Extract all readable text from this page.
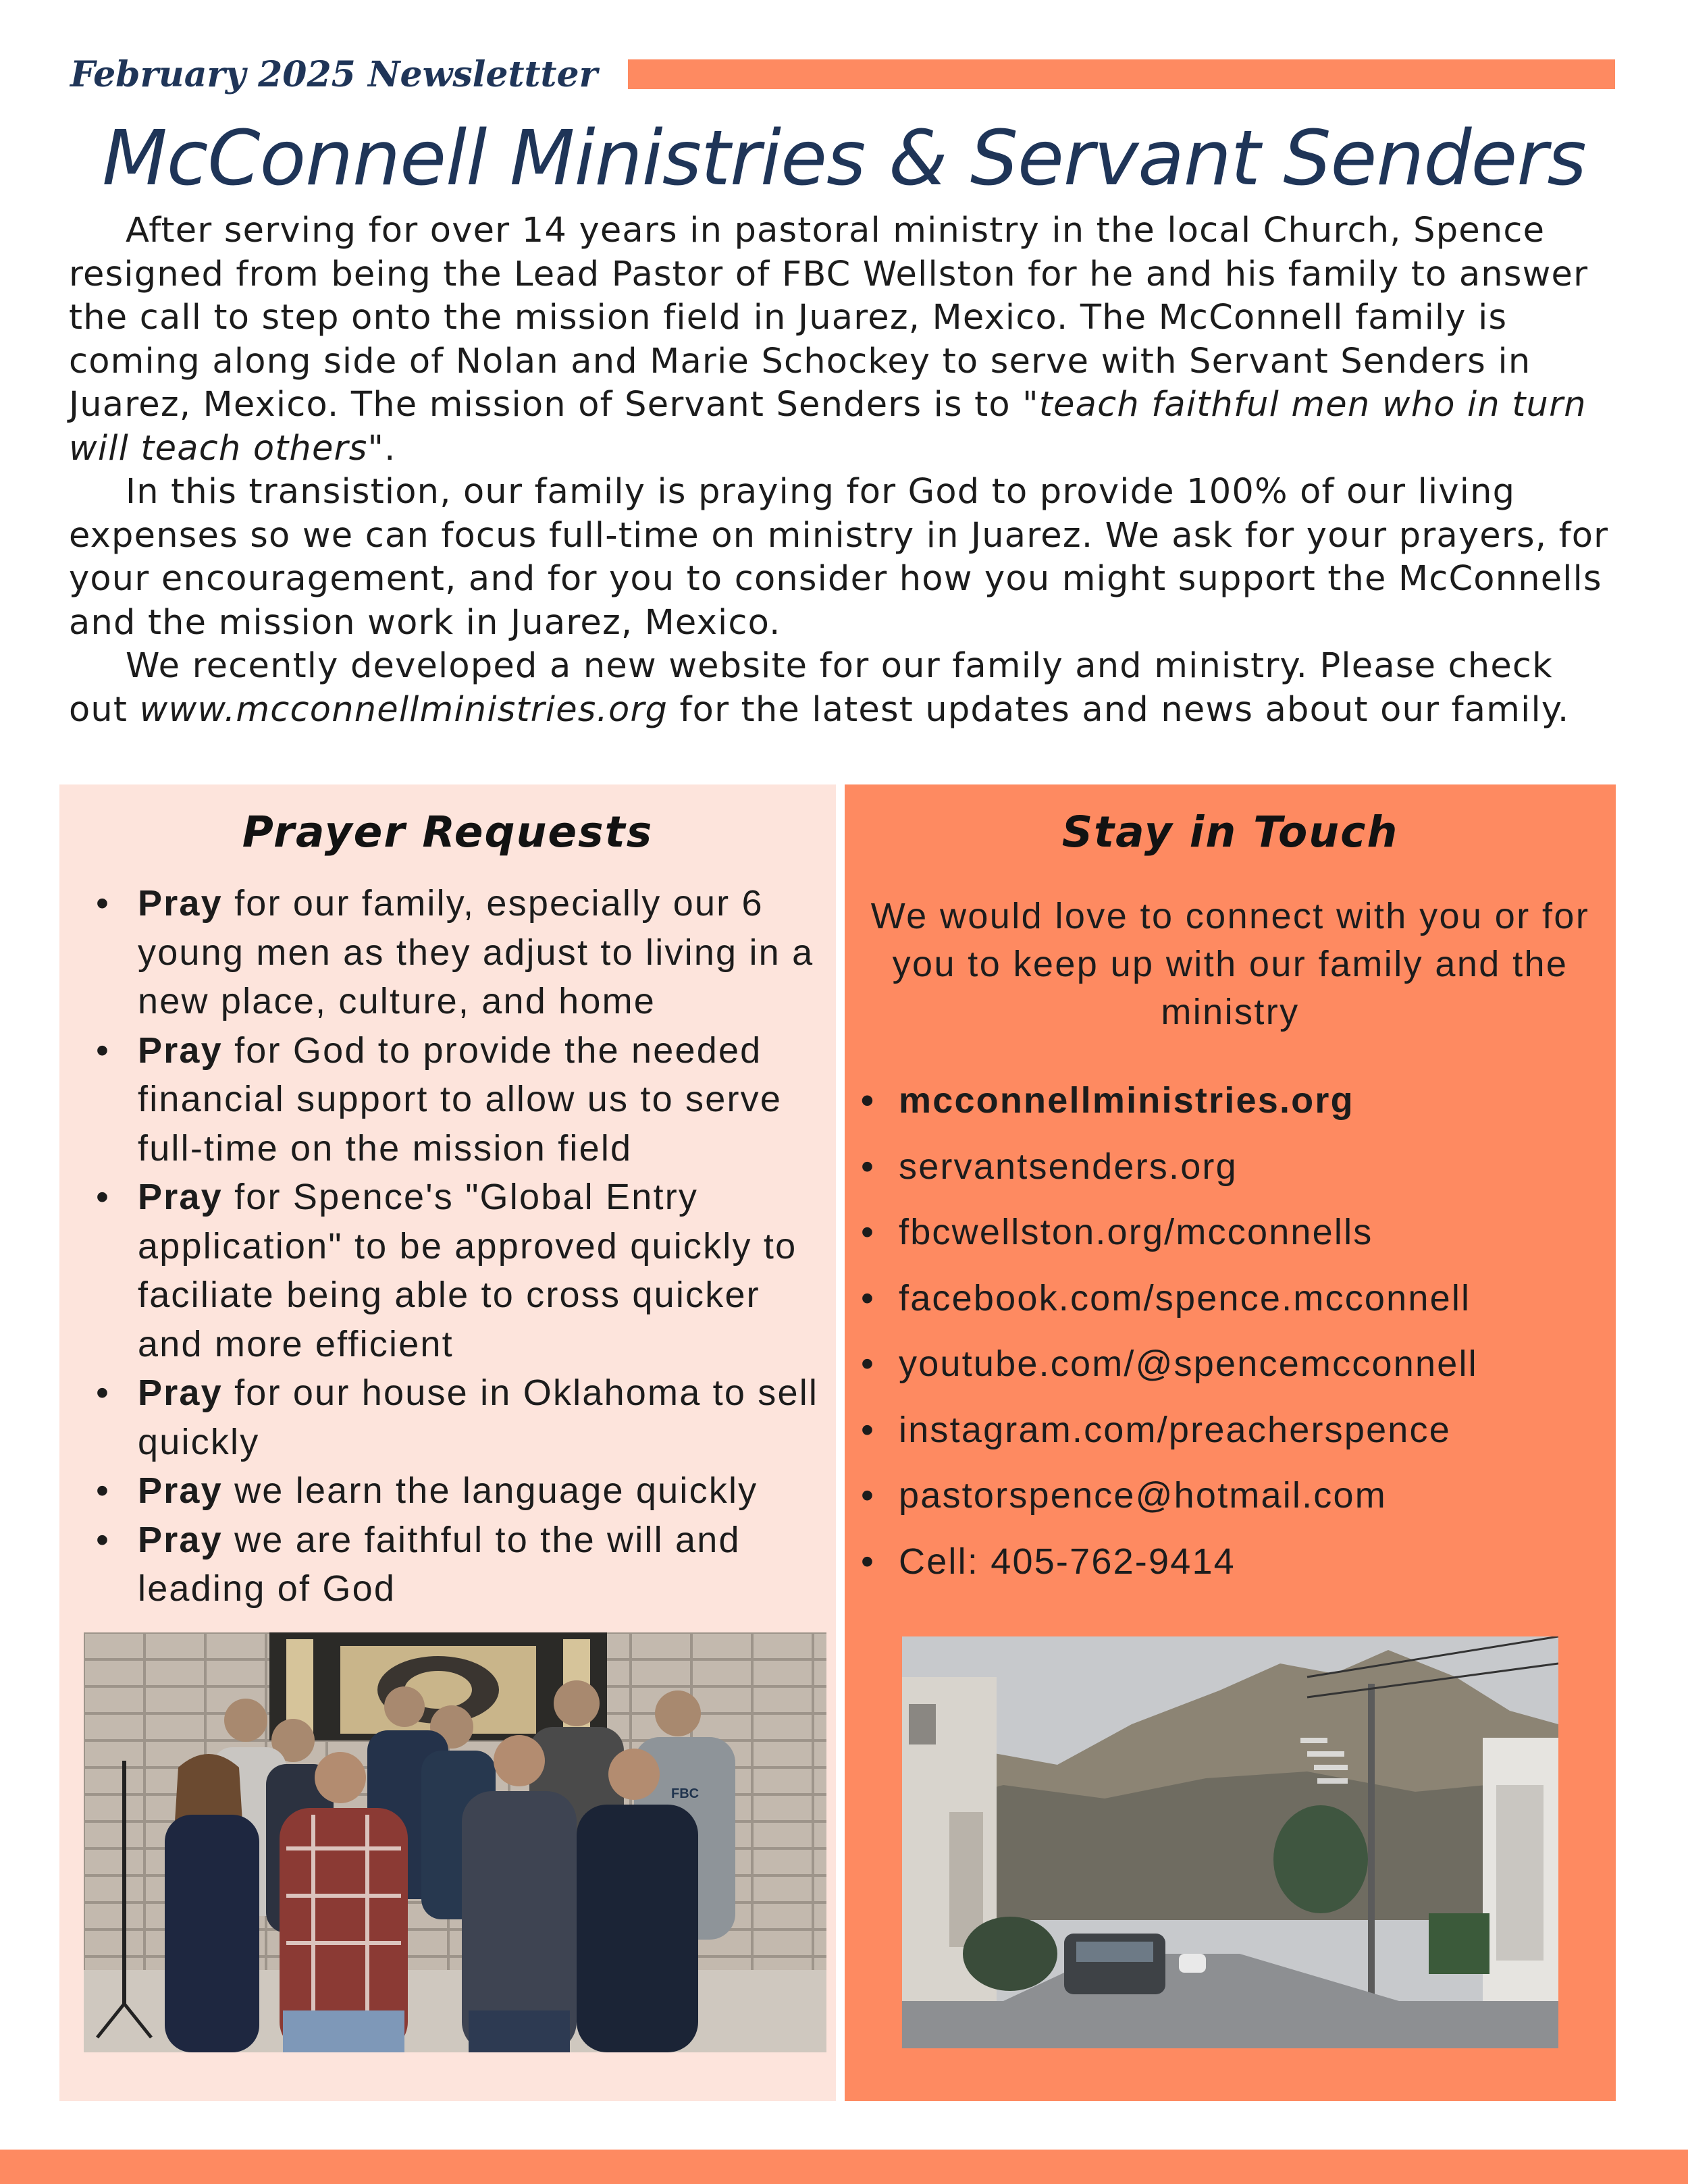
February 2025 Newslettter
McConnell Ministries & Servant Senders

After serving for over 14 years in pastoral ministry in the local Church, Spence resigned from being the Lead Pastor of FBC Wellston for he and his family to answer the call to step onto the mission field in Juarez, Mexico. The McConnell family is coming along side of Nolan and Marie Schockey to serve with Servant Senders in Juarez, Mexico. The mission of Servant Senders is to "teach faithful men who in turn will teach others".

In this transistion, our family is praying for God to provide 100% of our living expenses so we can focus full-time on ministry in Juarez. We ask for your prayers, for your encouragement, and for you to consider how you might support the McConnells and the mission work in Juarez, Mexico.

We recently developed a new website for our family and ministry. Please check out www.mcconnellministries.org for the latest updates and news about our family.

Prayer Requests
• Pray for our family, especially our 6 young men as they adjust to living in a new place, culture, and home
• Pray for God to provide the needed financial support to allow us to serve full-time on the mission field
• Pray for Spence's "Global Entry application" to be approved quickly to faciliate being able to cross quicker and more efficient
• Pray for our house in Oklahoma to sell quickly
• Pray we learn the language quickly
• Pray we are faithful to the will and leading of God
Stay in Touch

We would love to connect with you or for you to keep up with our family and the ministry

• mcconnellministries.org
• servantsenders.org
• fbcwellston.org/mcconnells
• facebook.com/spence.mcconnell
• youtube.com/@spencemcconnell
• instagram.com/preacherspence
• pastorspence@hotmail.com
• Cell: 405-762-9414
FBC
